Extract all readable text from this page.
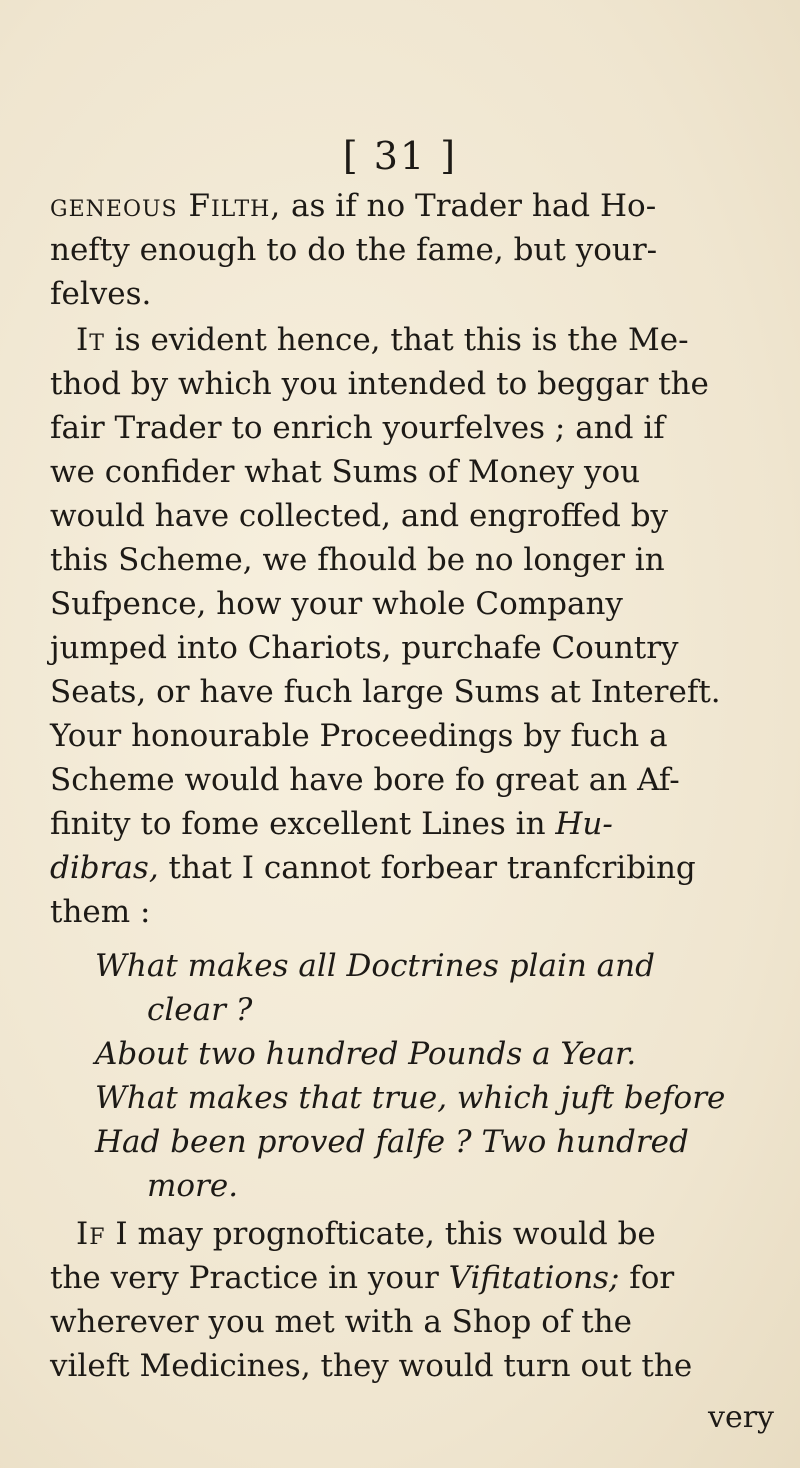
[ 31 ]
geneous Filth, as if no Trader had Ho-
nefty enough to do the fame, but your-
felves.
It is evident hence, that this is the Me-
thod by which you intended to beggar the
fair Trader to enrich yourfelves ; and if
we confider what Sums of Money you
would have collected, and engroffed by
this Scheme, we fhould be no longer in
Sufpence, how your whole Company
jumped into Chariots, purchafe Country
Seats, or have fuch large Sums at Intereft.
Your honourable Proceedings by fuch a
Scheme would have bore fo great an Af-
finity to fome excellent Lines in Hu-
dibras, that I cannot forbear tranfcribing
them :
What makes all Doctrines plain and
clear ?
About two hundred Pounds a Year.
What makes that true, which juft before
Had been proved falfe ? Two hundred
more.
If I may prognofticate, this would be
the very Practice in your Vifitations; for
wherever you met with a Shop of the
vileft Medicines, they would turn out the
very
